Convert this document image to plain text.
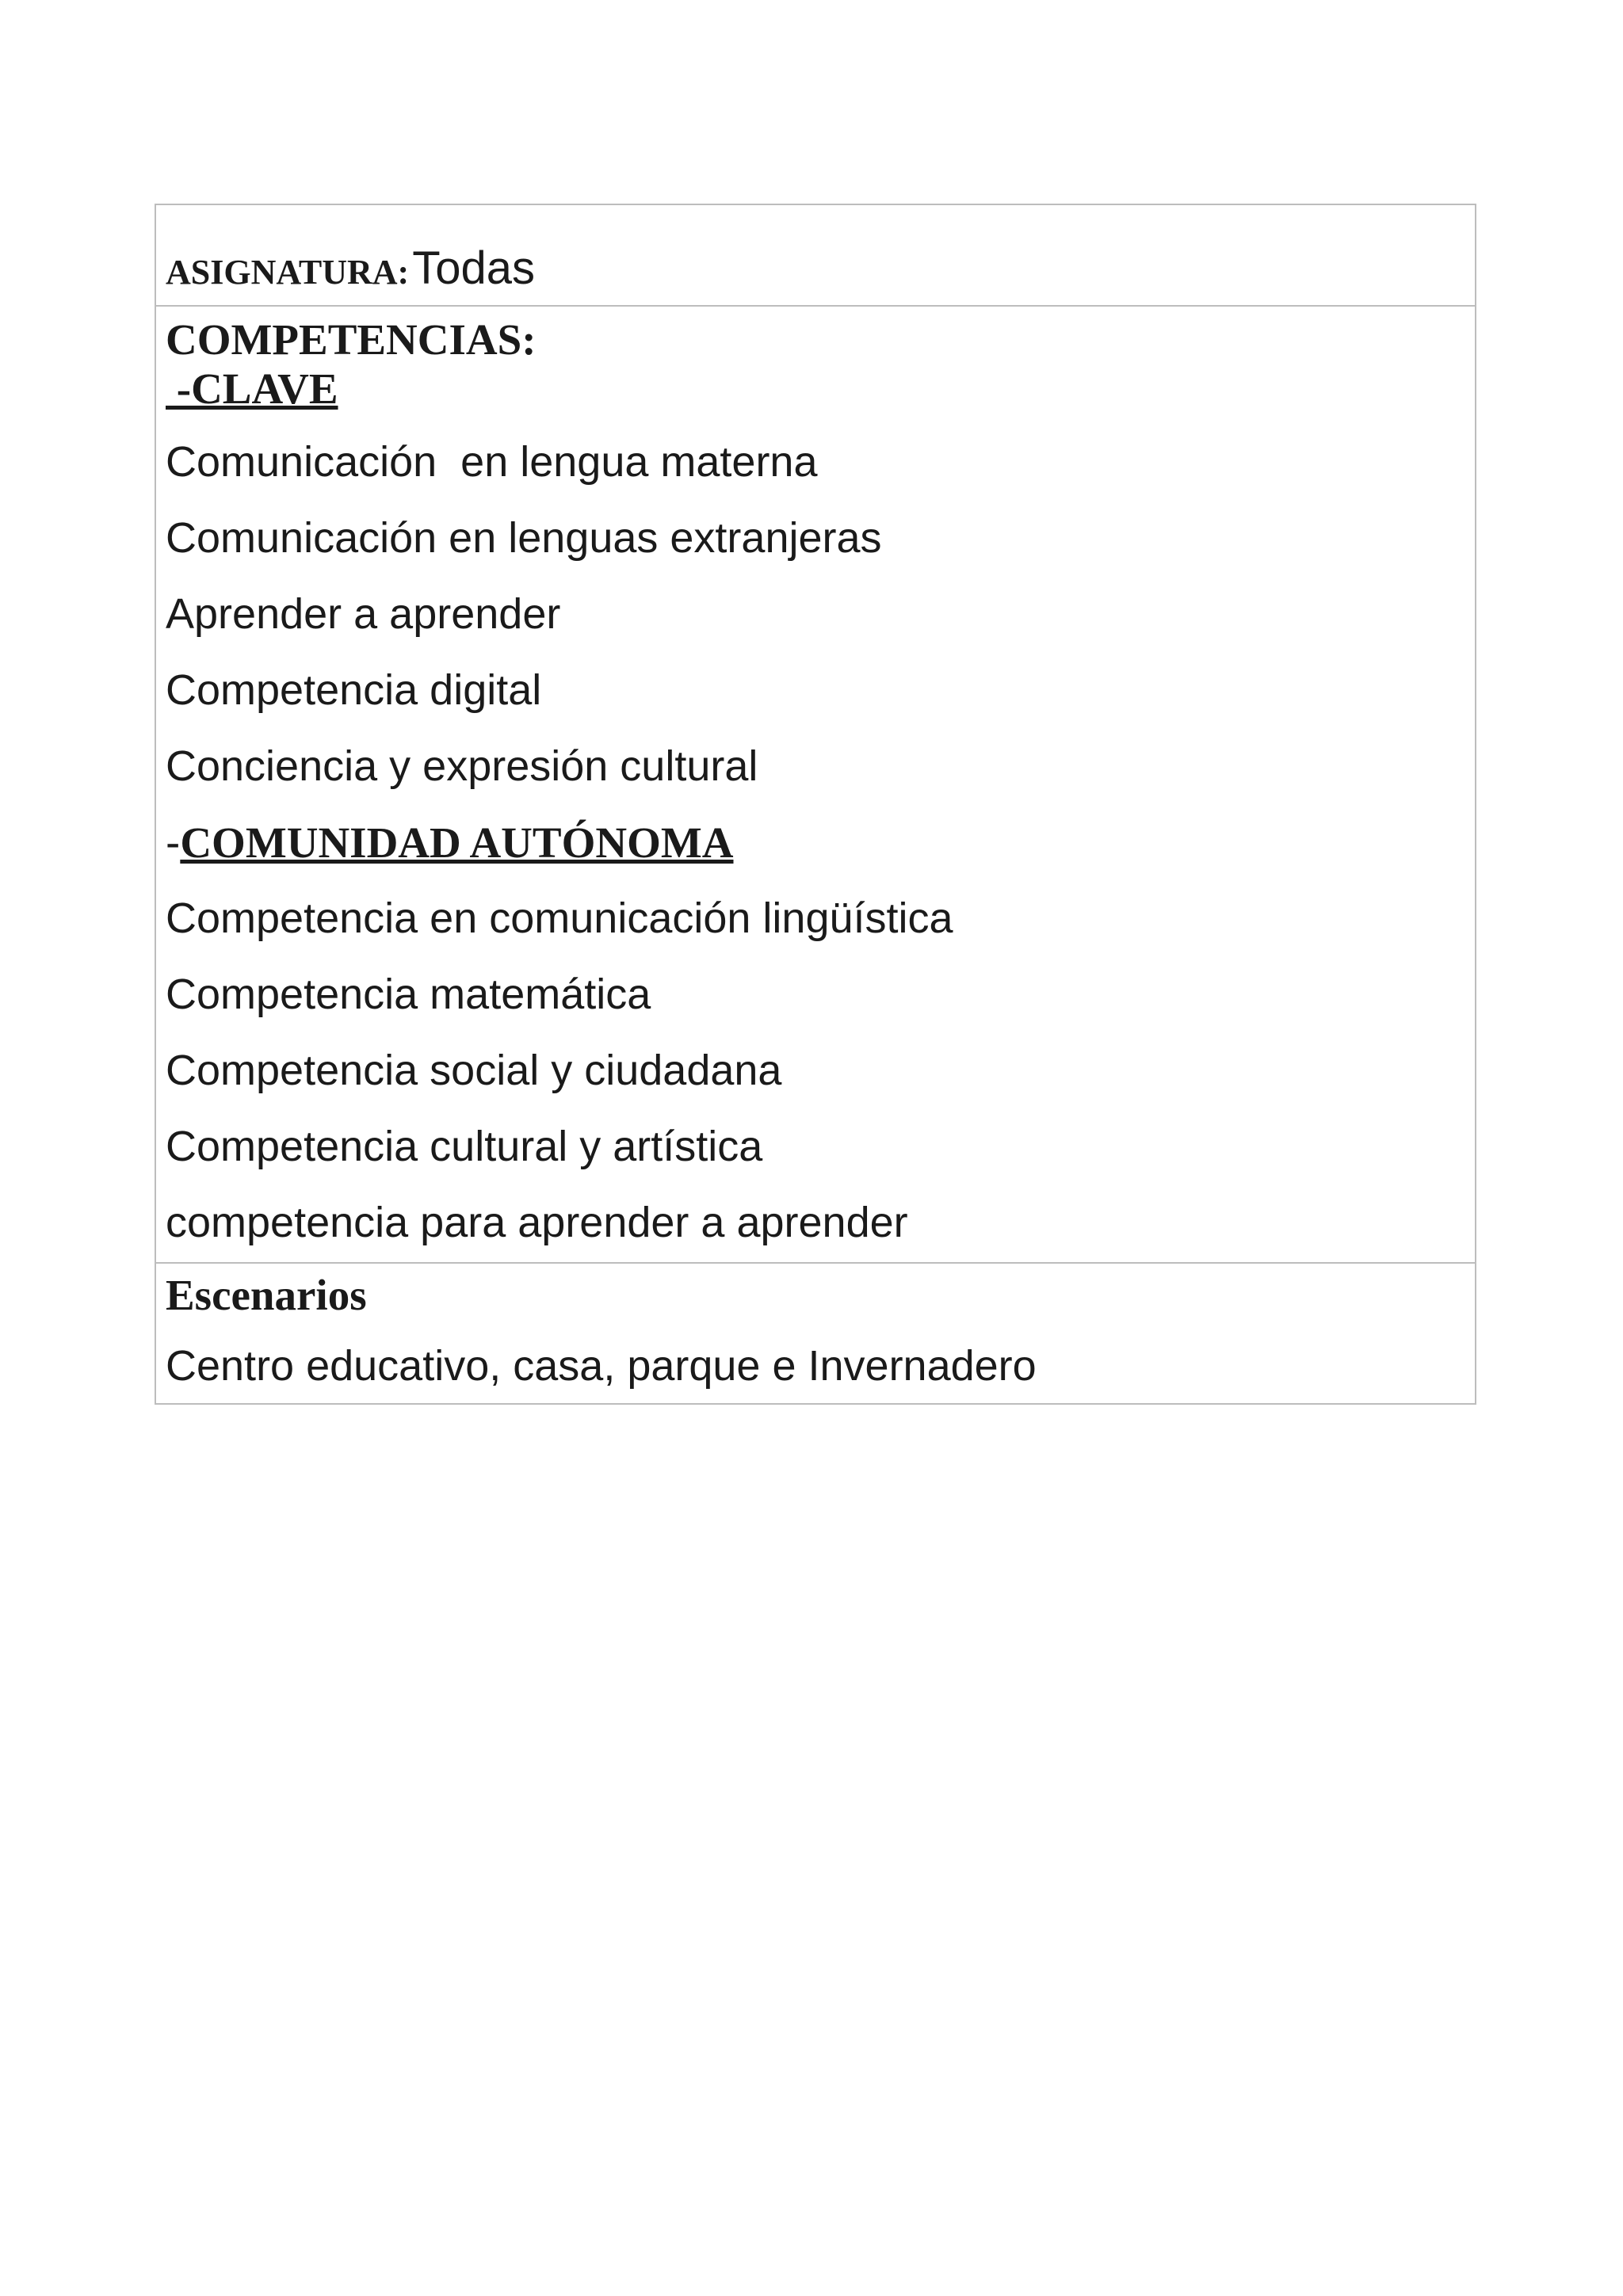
ASIGNATURA: Todas
COMPETENCIAS:
-CLAVE
Comunicación  en lengua materna
Comunicación en lenguas extranjeras
Aprender a aprender
Competencia digital
Conciencia y expresión cultural
-COMUNIDAD AUTÓNOMA
Competencia en comunicación lingüística
Competencia matemática
Competencia social y ciudadana
Competencia cultural y artística
competencia para aprender a aprender
Escenarios
Centro educativo, casa, parque e Invernadero
